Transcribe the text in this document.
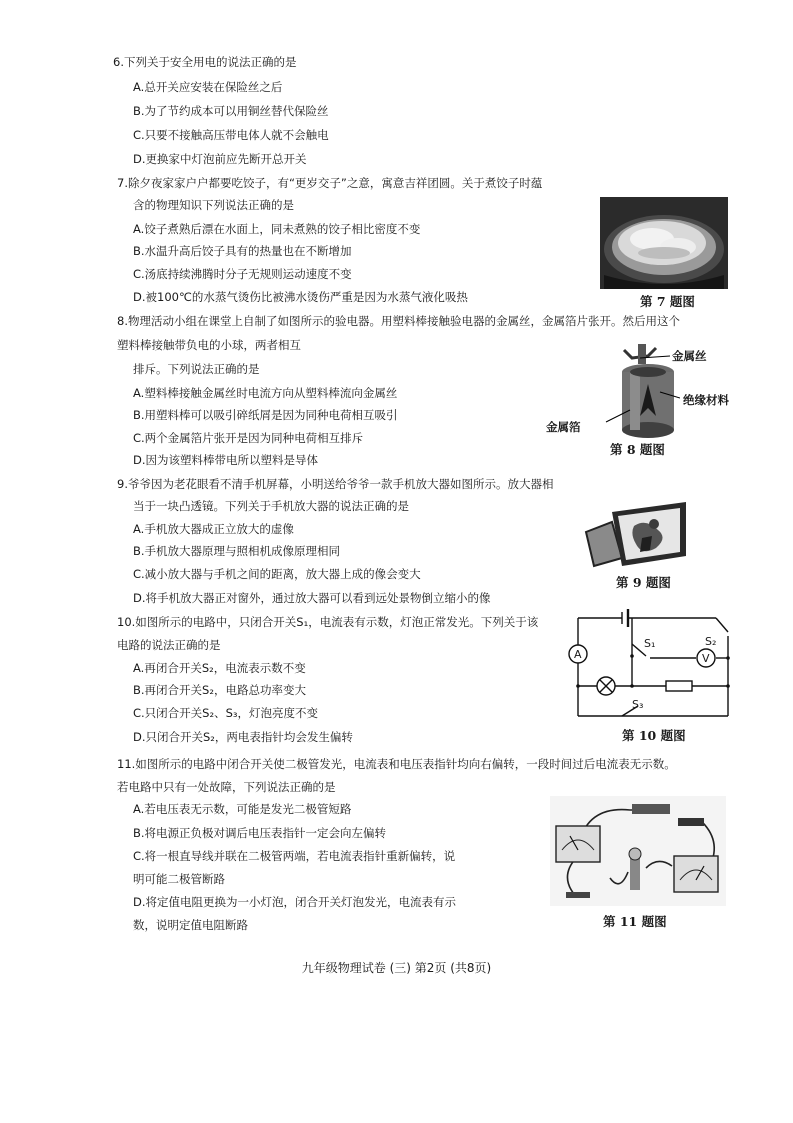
6.下列关于安全用电的说法正确的是
A.总开关应安装在保险丝之后
B.为了节约成本可以用铜丝替代保险丝
C.只要不接触高压带电体人就不会触电
D.更换家中灯泡前应先断开总开关
7.除夕夜家家户户都要吃饺子，有“更岁交子”之意，寓意吉祥团圆。关于煮饺子时蕴
含的物理知识下列说法正确的是
A.饺子煮熟后漂在水面上，同未煮熟的饺子相比密度不变
B.水温升高后饺子具有的热量也在不断增加
C.汤底持续沸腾时分子无规则运动速度不变
D.被100℃的水蒸气烫伤比被沸水烫伤严重是因为水蒸气液化吸热	第 7 题图
8.物理活动小组在课堂上自制了如图所示的验电器。用塑料棒接触验电器的金属丝，金属箔片张开。然后用这个
塑料棒接触带负电的小球，两者相互
排斥。下列说法正确的是
A.塑料棒接触金属丝时电流方向从塑料棒流向金属丝
B.用塑料棒可以吸引碎纸屑是因为同种电荷相互吸引
C.两个金属箔片张开是因为同种电荷相互排斥
D.因为该塑料棒带电所以塑料是导体
金属丝
绝缘材料
金属箔
第 8 题图
9.爷爷因为老花眼看不清手机屏幕，小明送给爷爷一款手机放大器如图所示。放大器相
当于一块凸透镜。下列关于手机放大器的说法正确的是
A.手机放大器成正立放大的虚像
B.手机放大器原理与照相机成像原理相同
C.减小放大器与手机之间的距离，放大器上成的像会变大
D.将手机放大器正对窗外，通过放大器可以看到远处景物倒立缩小的像
第 9 题图
10.如图所示的电路中，只闭合开关S₁，电流表有示数，灯泡正常发光。下列关于该
电路的说法正确的是
A.再闭合开关S₂，电流表示数不变
B.再闭合开关S₂，电路总功率变大
C.只闭合开关S₂、S₃，灯泡亮度不变
D.只闭合开关S₂，两电表指针均会发生偏转
A	V
S₁	S₂
S₃
第 10 题图
11.如图所示的电路中闭合开关使二极管发光，电流表和电压表指针均向右偏转，一段时间过后电流表无示数。
若电路中只有一处故障，下列说法正确的是
A.若电压表无示数，可能是发光二极管短路
B.将电源正负极对调后电压表指针一定会向左偏转
C.将一根直导线并联在二极管两端，若电流表指针重新偏转，说
明可能二极管断路
D.将定值电阻更换为一小灯泡，闭合开关灯泡发光，电流表有示
数，说明定值电阻断路	第 11 题图
九年级物理试卷 (三) 第2页 (共8页)
